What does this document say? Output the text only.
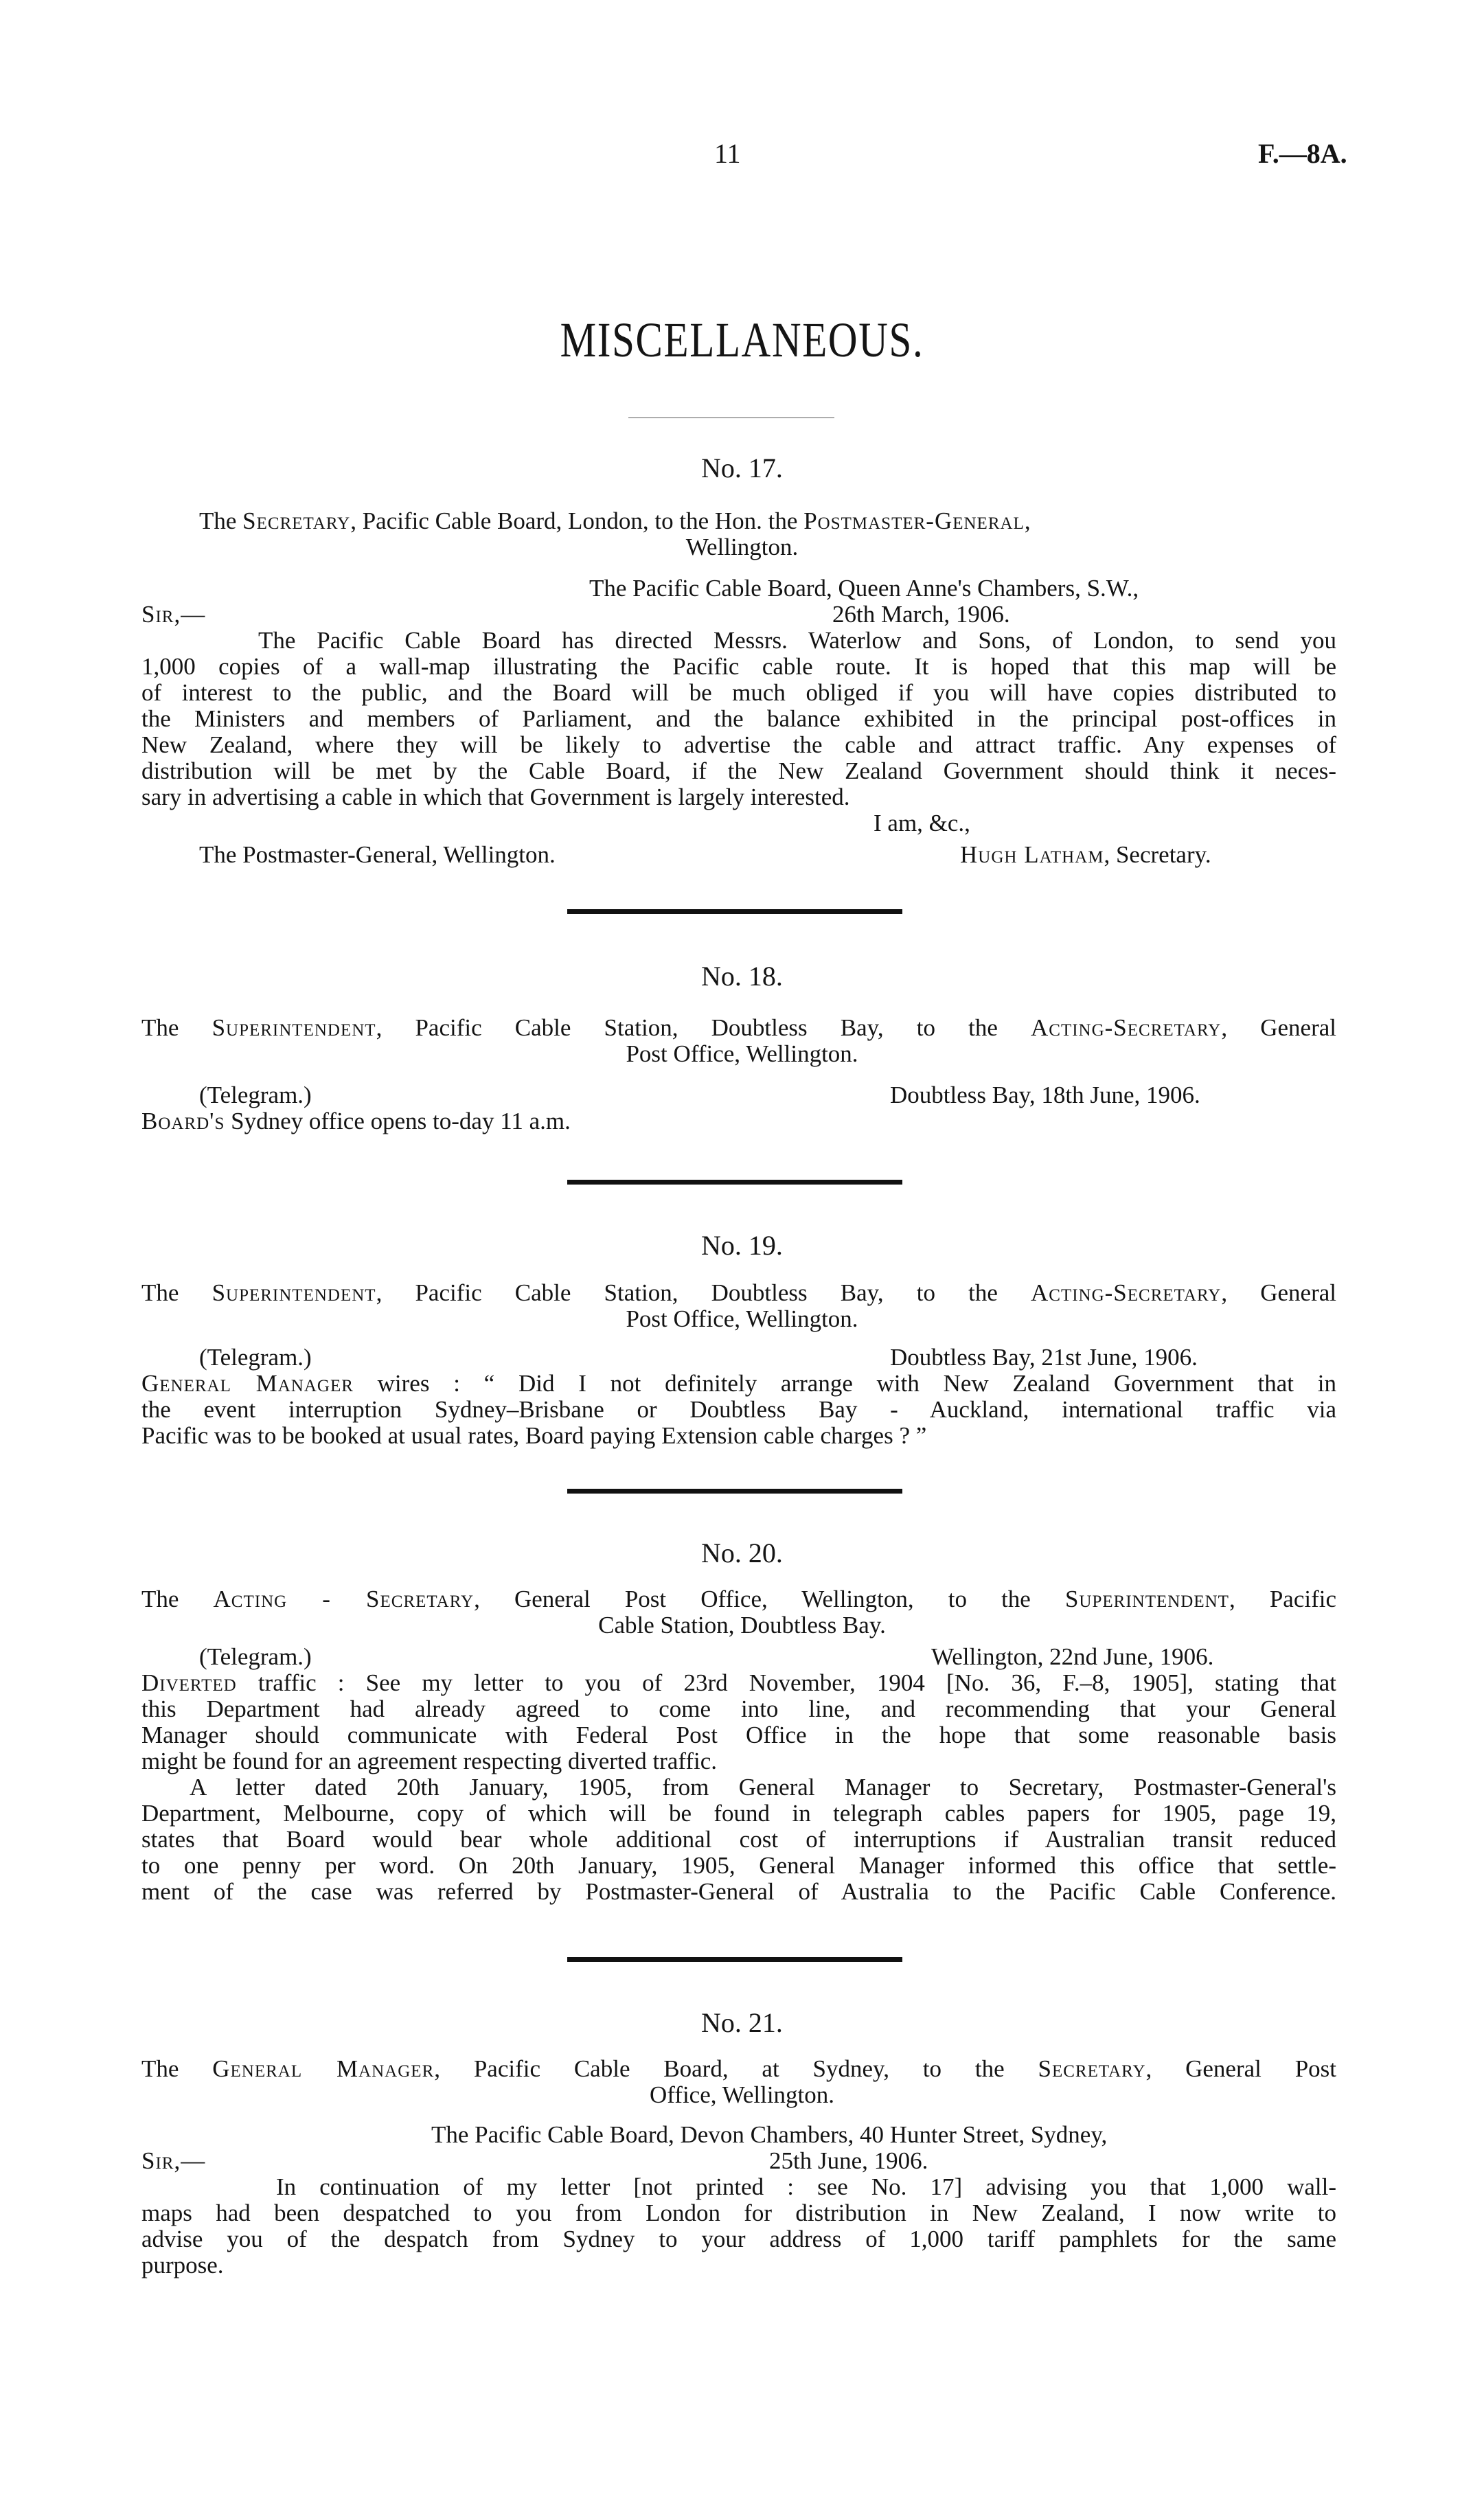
11	F.—8A.
MISCELLANEOUS.
No. 17.
The Secretary, Pacific Cable Board, London, to the Hon. the Postmaster-General,
Wellington.
The Pacific Cable Board, Queen Anne's Chambers, S.W.,
Sir,—	26th March, 1906.
The Pacific Cable Board has directed Messrs. Waterlow and Sons, of London, to send you
1,000 copies of a wall-map illustrating the Pacific cable route. It is hoped that this map will be
of interest to the public, and the Board will be much obliged if you will have copies distributed to
the Ministers and members of Parliament, and the balance exhibited in the principal post-offices in
New Zealand, where they will be likely to advertise the cable and attract traffic. Any expenses of
distribution will be met by the Cable Board, if the New Zealand Government should think it neces-
sary in advertising a cable in which that Government is largely interested.
I am, &c.,
The Postmaster-General, Wellington.	Hugh Latham, Secretary.
No. 18.
The Superintendent, Pacific Cable Station, Doubtless Bay, to the Acting-Secretary, General
Post Office, Wellington.
(Telegram.)	Doubtless Bay, 18th June, 1906.
Board's Sydney office opens to-day 11 a.m.
No. 19.
The Superintendent, Pacific Cable Station, Doubtless Bay, to the Acting-Secretary, General
Post Office, Wellington.
(Telegram.)	Doubtless Bay, 21st June, 1906.
General Manager wires : “ Did I not definitely arrange with New Zealand Government that in
the event interruption Sydney–Brisbane or Doubtless Bay - Auckland, international traffic via
Pacific was to be booked at usual rates, Board paying Extension cable charges ? ”
No. 20.
The Acting - Secretary, General Post Office, Wellington, to the Superintendent, Pacific
Cable Station, Doubtless Bay.
(Telegram.)	Wellington, 22nd June, 1906.
Diverted traffic : See my letter to you of 23rd November, 1904 [No. 36, F.–8, 1905], stating that
this Department had already agreed to come into line, and recommending that your General
Manager should communicate with Federal Post Office in the hope that some reasonable basis
might be found for an agreement respecting diverted traffic.
A letter dated 20th January, 1905, from General Manager to Secretary, Postmaster-General's
Department, Melbourne, copy of which will be found in telegraph cables papers for 1905, page 19,
states that Board would bear whole additional cost of interruptions if Australian transit reduced
to one penny per word. On 20th January, 1905, General Manager informed this office that settle-
ment of the case was referred by Postmaster-General of Australia to the Pacific Cable Conference.
No. 21.
The General Manager, Pacific Cable Board, at Sydney, to the Secretary, General Post
Office, Wellington.
The Pacific Cable Board, Devon Chambers, 40 Hunter Street, Sydney,
Sir,—	25th June, 1906.
In continuation of my letter [not printed : see No. 17] advising you that 1,000 wall-
maps had been despatched to you from London for distribution in New Zealand, I now write to
advise you of the despatch from Sydney to your address of 1,000 tariff pamphlets for the same
purpose.
